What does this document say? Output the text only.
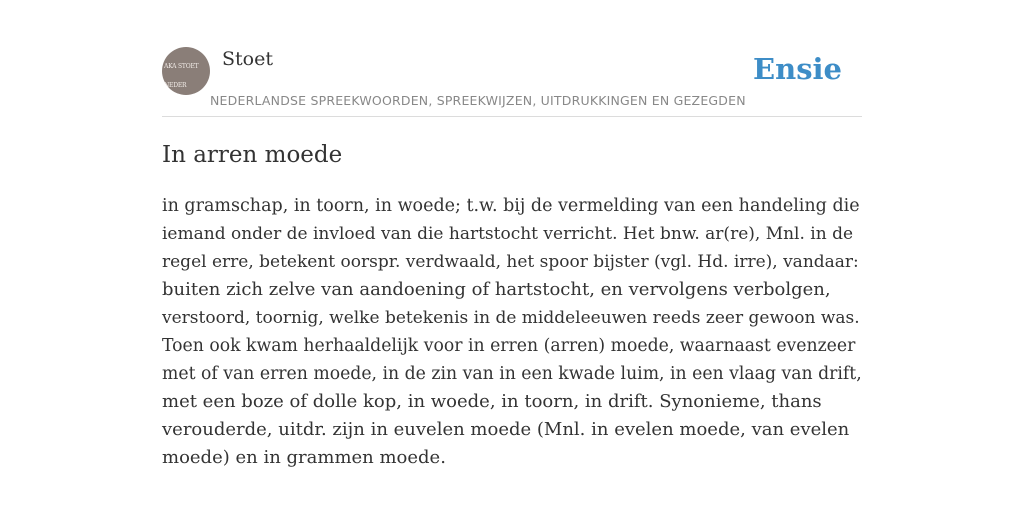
AKA STOET

NEDER

Stoet
NEDERLANDSE SPREEKWOORDEN, SPREEKWIJZEN, UITDRUKKINGEN EN GEZEGDEN
Ensie
In arren moede
in gramschap, in toorn, in woede; t.w. bij de vermelding van een handeling die
iemand onder de invloed van die hartstocht verricht. Het bnw. ar(re), Mnl. in de
regel erre, betekent oorspr. verdwaald, het spoor bijster (vgl. Hd. irre), vandaar:
buiten zich zelve van aandoening of hartstocht, en vervolgens verbolgen,
verstoord, toornig, welke betekenis in de middeleeuwen reeds zeer gewoon was.
Toen ook kwam herhaaldelijk voor in erren (arren) moede, waarnaast evenzeer
met of van erren moede, in de zin van in een kwade luim, in een vlaag van drift,
met een boze of dolle kop, in woede, in toorn, in drift. Synonieme, thans
verouderde, uitdr. zijn in euvelen moede (Mnl. in evelen moede, van evelen
moede) en in grammen moede.
